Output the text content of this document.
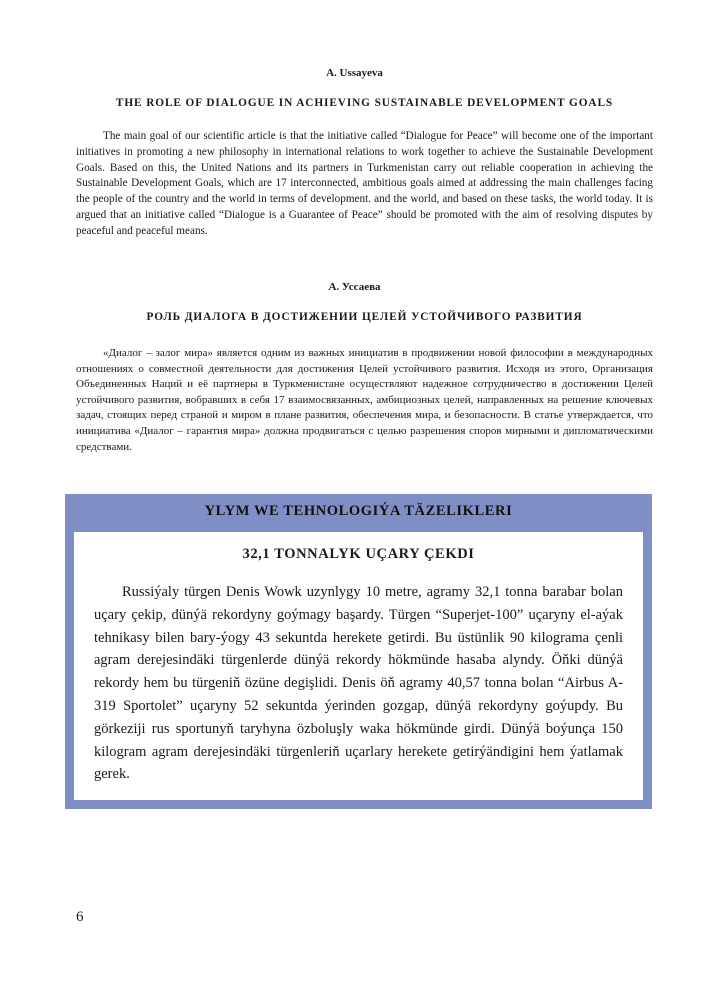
A. Ussayeva
THE ROLE OF DIALOGUE IN ACHIEVING SUSTAINABLE DEVELOPMENT GOALS

The main goal of our scientific article is that the initiative called “Dialogue for Peace” will become one of the important initiatives in promoting a new philosophy in international relations to work together to achieve the Sustainable Development Goals. Based on this, the United Nations and its partners in Turkmenistan carry out reliable cooperation in achieving the Sustainable Development Goals, which are 17 interconnected, ambitious goals aimed at addressing the main challenges facing the people of the country and the world in terms of development. and the world, and based on these tasks, the world today. It is argued that an initiative called “Dialogue is a Guarantee of Peace” should be promoted with the aim of resolving disputes by peaceful and peaceful means.

А. Уссаева
РОЛЬ ДИАЛОГА В ДОСТИЖЕНИИ ЦЕЛЕЙ УСТОЙЧИВОГО РАЗВИТИЯ

«Диалог – залог мира» является одним из важных инициатив в продвижении новой философии в международных отношениях о совместной деятельности для достижения Целей устойчивого развития. Исходя из этого, Организация Объединенных Наций и её партнеры в Туркменистане осуществляют надежное сотрудничество в достижении Целей устойчивого развития, вобравших в себя 17 взаимосвязанных, амбициозных целей, направленных на решение ключевых задач, стоящих перед страной и миром в плане развития, обеспечения мира, и безопасности. В статье утверждается, что инициатива «Диалог – гарантия мира» должна продвигаться с целью разрешения споров мирными и дипломатическими средствами.

YLYM WE TEHNOLOGIÝA TÄZELIKLERI
32,1 TONNALYK UÇARY ÇEKDI

Russiýaly türgen Denis Wowk uzynlygy 10 metre, agramy 32,1 tonna barabar bolan uçary çekip, dünýä rekordyny goýmagy başardy. Türgen “Superjet-100” uçaryny el-aýak tehnikasy bilen bary-ýogy 43 sekuntda herekete getirdi. Bu üstünlik 90 kilograma çenli agram derejesindäki türgenlerde dünýä rekordy hökmünde hasaba alyndy. Öňki dünýä rekordy hem bu türgeniň özüne degişlidi. Denis öň agramy 40,57 tonna bolan “Airbus A-319 Sportolet” uçaryny 52 sekuntda ýerinden gozgap, dünýä rekordyny goýupdy. Bu görkeziji rus sportunyň taryhyna özboluşly waka hökmünde girdi. Dünýä boýunça 150 kilogram agram derejesindäki türgenleriň uçarlary herekete getirýändigini hem ýatlamak gerek.

6
